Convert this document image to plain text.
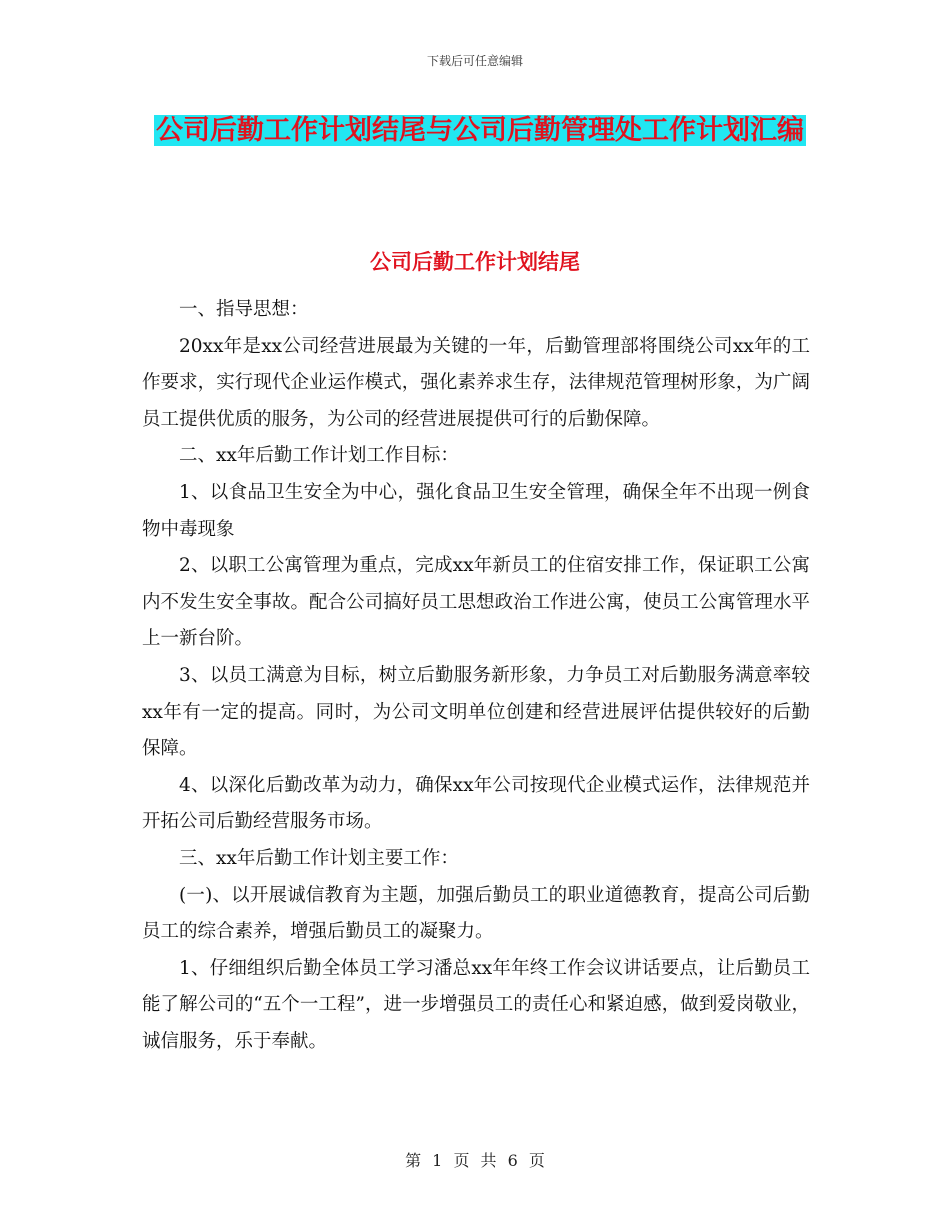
下载后可任意编辑
公司后勤工作计划结尾与公司后勤管理处工作计划汇编
公司后勤工作计划结尾

一、指导思想：

20xx年是xx公司经营进展最为关键的一年，后勤管理部将围绕公司xx年的工作要求，实行现代企业运作模式，强化素养求生存，法律规范管理树形象，为广阔员工提供优质的服务，为公司的经营进展提供可行的后勤保障。

二、xx年后勤工作计划工作目标：

1、以食品卫生安全为中心，强化食品卫生安全管理，确保全年不出现一例食物中毒现象

2、以职工公寓管理为重点，完成xx年新员工的住宿安排工作，保证职工公寓内不发生安全事故。配合公司搞好员工思想政治工作进公寓，使员工公寓管理水平上一新台阶。

3、以员工满意为目标，树立后勤服务新形象，力争员工对后勤服务满意率较xx年有一定的提高。同时，为公司文明单位创建和经营进展评估提供较好的后勤保障。

4、以深化后勤改革为动力，确保xx年公司按现代企业模式运作，法律规范并开拓公司后勤经营服务市场。

三、xx年后勤工作计划主要工作：

(一)、以开展诚信教育为主题，加强后勤员工的职业道德教育，提高公司后勤员工的综合素养，增强后勤员工的凝聚力。

1、仔细组织后勤全体员工学习潘总xx年年终工作会议讲话要点，让后勤员工能了解公司的“五个一工程”，进一步增强员工的责任心和紧迫感，做到爱岗敬业，诚信服务，乐于奉献。

第 1 页 共 6 页
